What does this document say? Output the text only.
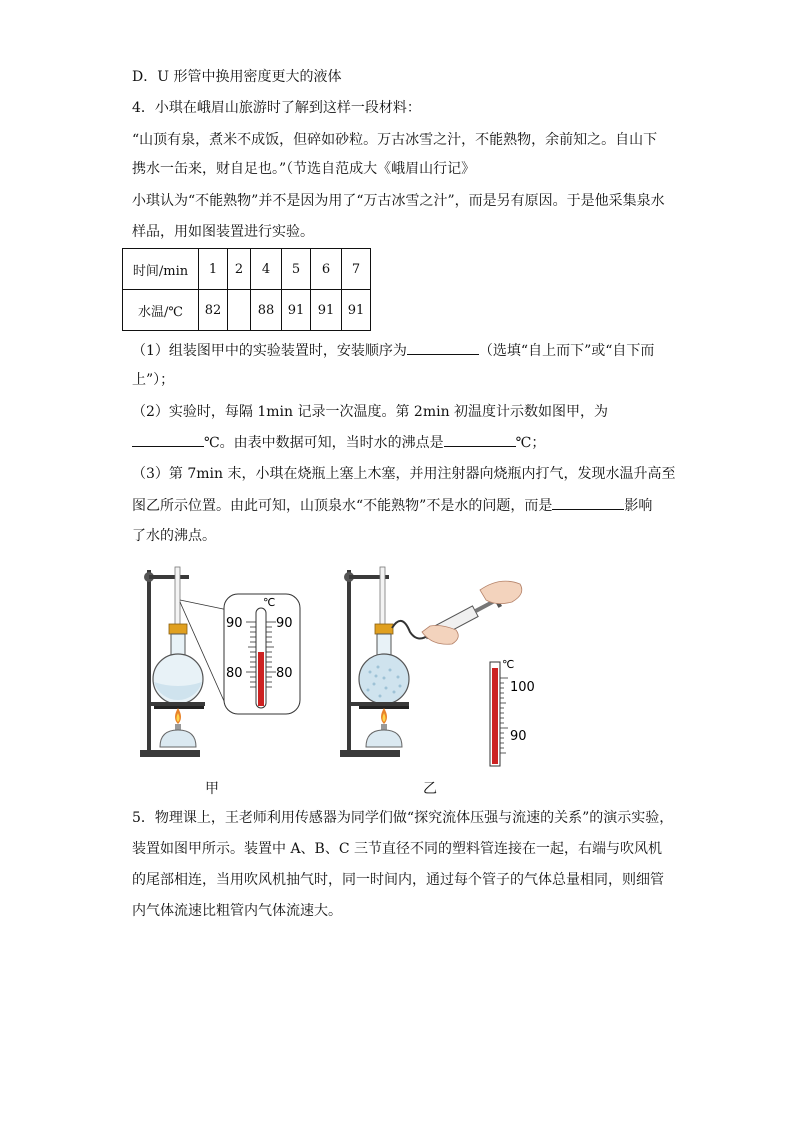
D．U 形管中换用密度更大的液体
4．小琪在峨眉山旅游时了解到这样一段材料：
“山顶有泉，煮米不成饭，但碎如砂粒。万古冰雪之汁，不能熟物，余前知之。自山下
携水一缶来，财自足也。”（节选自范成大《峨眉山行记》
小琪认为“不能熟物”并不是因为用了“万古冰雪之汁”，而是另有原因。于是他采集泉水
样品，用如图装置进行实验。
时间/min	1	2	4	5	6	7
水温/℃	82		88	91	91	91
（1）组装图甲中的实验装置时，安装顺序为	（选填“自上而下”或“自下而
上”）；
（2）实验时，每隔 1min 记录一次温度。第 2min 初温度计示数如图甲，为
℃。由表中数据可知，当时水的沸点是	℃；
（3）第 7min 末，小琪在烧瓶上塞上木塞，并用注射器向烧瓶内打气，发现水温升高至
图乙所示位置。由此可知，山顶泉水“不能熟物”不是水的问题，而是	影响
了水的沸点。
℃
90	90
80	80
℃
100
90
甲	乙
5．物理课上，王老师利用传感器为同学们做“探究流体压强与流速的关系”的演示实验，
装置如图甲所示。装置中 A、B、C 三节直径不同的塑料管连接在一起，右端与吹风机
的尾部相连，当用吹风机抽气时，同一时间内，通过每个管子的气体总量相同，则细管
内气体流速比粗管内气体流速大。
